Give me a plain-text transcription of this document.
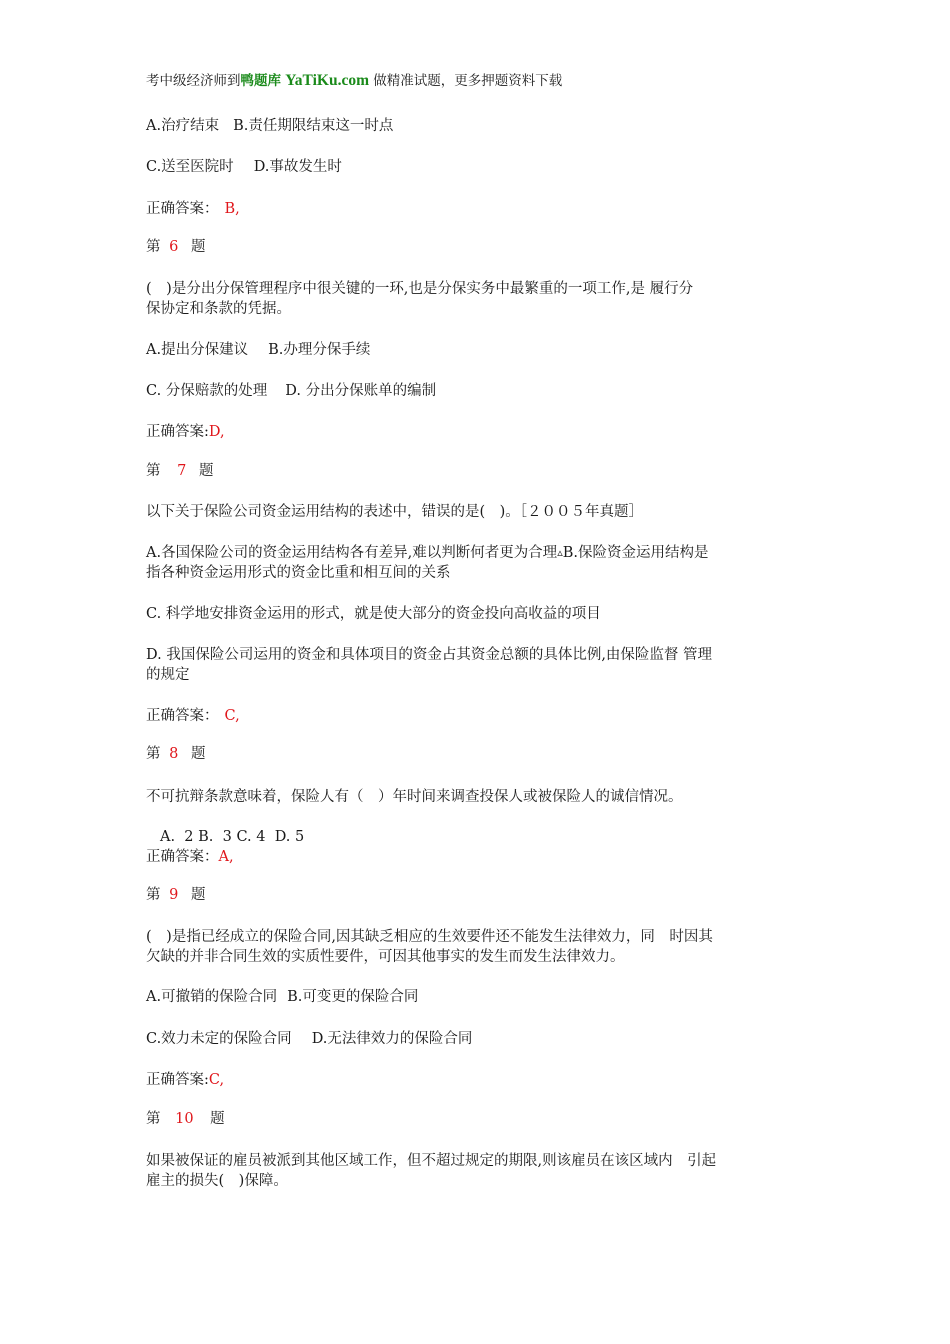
考中级经济师到鸭题库 YaTiKu.com 做精准试题，更多押题资料下载
A.治疗结束 B.责任期限结束这一时点
C.送至医院时 D.事故发生时
正确答案： B,
第 6 题
(　)是分出分保管理程序中很关键的一环,也是分保实务中最繁重的一项工作,是 履行分
保协定和条款的凭据。
A.提出分保建议 B.办理分保手续
C. 分保赔款的处理 D. 分出分保账单的编制
正确答案:D,
第 7 题
以下关于保险公司资金运用结构的表述中，错误的是(　)。［２００５年真题］
A.各国保险公司的资金运用结构各有差异,难以判断何者更为合理▵B.保险资金运用结构是
指各种资金运用形式的资金比重和相互间的关系
C. 科学地安排资金运用的形式，就是使大部分的资金投向高收益的项目
D. 我国保险公司运用的资金和具体项目的资金占其资金总额的具体比例,由保险监督 管理
的规定
正确答案： C,
第 8 题
不可抗辩条款意味着，保险人有（　）年时间来调查投保人或被保险人的诚信情况。
A.  2 B.  3 C. 4  D. 5
正确答案：A,
第 9 题
(　)是指已经成立的保险合同,因其缺乏相应的生效要件还不能发生法律效力，同　时因其
欠缺的并非合同生效的实质性要件，可因其他事实的发生而发生法律效力。
A.可撤销的保险合同 B.可变更的保险合同
C.效力未定的保险合同 D.无法律效力的保险合同
正确答案:C,
第 10 题
如果被保证的雇员被派到其他区域工作，但不超过规定的期限,则该雇员在该区域内　引起
雇主的损失(　)保障。
